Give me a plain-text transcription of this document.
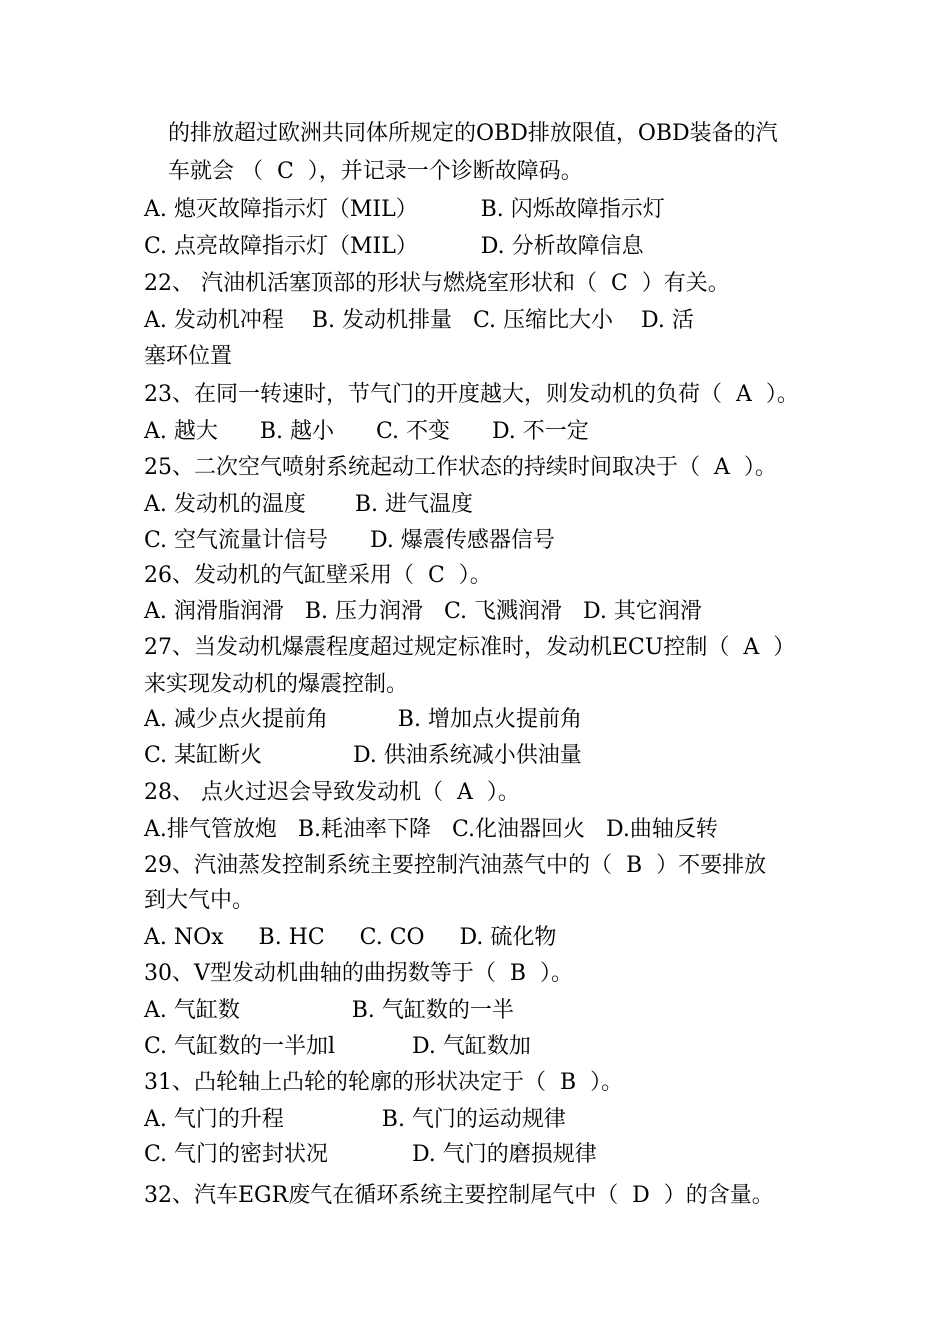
的排放超过欧洲共同体所规定的OBD排放限值，OBD装备的汽
车就会 （  C  ），并记录一个诊断故障码。
A. 熄灭故障指示灯（MIL）         B. 闪烁故障指示灯
C. 点亮故障指示灯（MIL）         D. 分析故障信息
22、 汽油机活塞顶部的形状与燃烧室形状和（  C  ）有关。
A. 发动机冲程    B. 发动机排量   C. 压缩比大小    D. 活
塞环位置
23、在同一转速时，节气门的开度越大，则发动机的负荷（  A  ）。
A. 越大      B. 越小      C. 不变      D. 不一定
25、二次空气喷射系统起动工作状态的持续时间取决于（  A  ）。
A. 发动机的温度       B. 进气温度
C. 空气流量计信号      D. 爆震传感器信号
26、发动机的气缸壁采用（  C  ）。
A. 润滑脂润滑   B. 压力润滑   C. 飞溅润滑   D. 其它润滑
27、当发动机爆震程度超过规定标准时，发动机ECU控制（  A  ）
来实现发动机的爆震控制。
A. 减少点火提前角          B. 增加点火提前角
C. 某缸断火             D. 供油系统减小供油量
28、 点火过迟会导致发动机（  A  ）。
A.排气管放炮   B.耗油率下降   C.化油器回火   D.曲轴反转
29、汽油蒸发控制系统主要控制汽油蒸气中的（  B  ）不要排放
到大气中。
A. NOx     B. HC     C. CO     D. 硫化物
30、V型发动机曲轴的曲拐数等于（  B  ）。
A. 气缸数                B. 气缸数的一半
C. 气缸数的一半加l           D. 气缸数加
31、凸轮轴上凸轮的轮廓的形状决定于（  B  ）。
A. 气门的升程              B. 气门的运动规律
C. 气门的密封状况            D. 气门的磨损规律
32、汽车EGR废气在循环系统主要控制尾气中（  D  ）的含量。
